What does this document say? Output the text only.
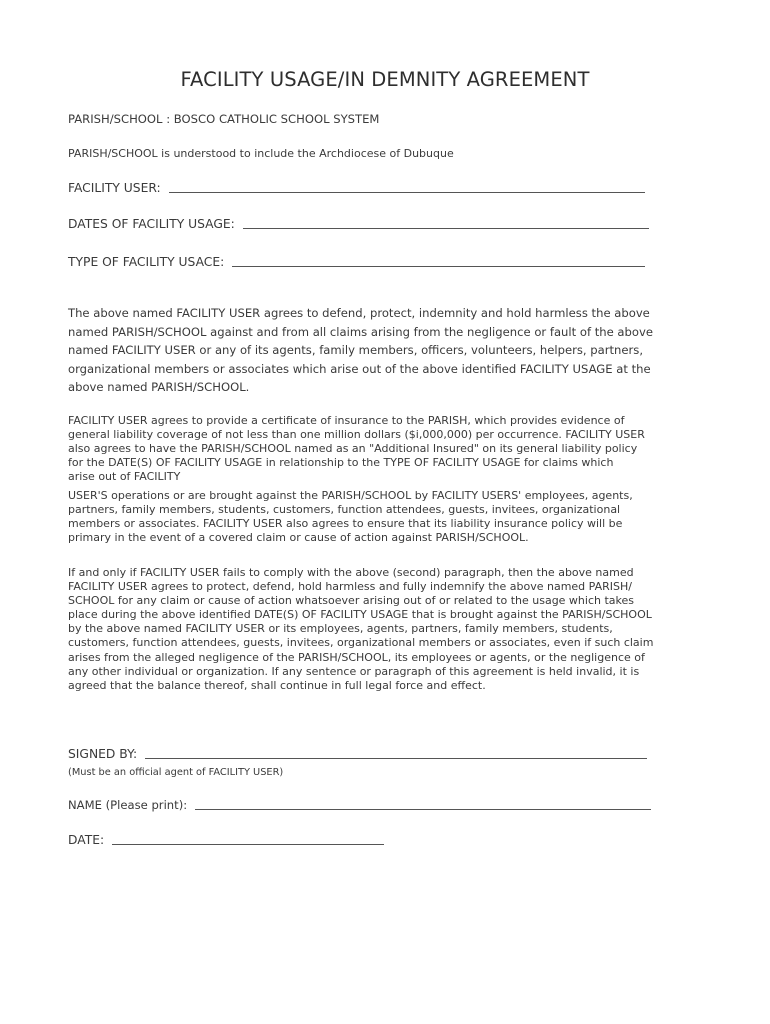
FACILITY USAGE/IN DEMNITY AGREEMENT
PARISH/SCHOOL : BOSCO CATHOLIC SCHOOL SYSTEM
PARISH/SCHOOL is understood to include the Archdiocese of Dubuque
FACILITY USER:
DATES OF FACILITY USAGE:
TYPE OF FACILITY USACE:

The above named FACILITY USER agrees to defend, protect, indemnity and hold harmless the above

named PARISH/SCHOOL against and from all claims arising from the negligence or fault of the above

named FACILITY USER or any of its agents, family members, officers, volunteers, helpers, partners,

organizational members or associates which arise out of the above identified FACILITY USAGE at the

above named PARISH/SCHOOL.

FACILITY USER agrees to provide a certificate of insurance to the PARISH, which provides evidence of

general liability coverage of not less than one million dollars ($i,000,000) per occurrence. FACILITY USER

also agrees to have the PARISH/SCHOOL named as an "Additional Insured" on its general liability policy

for the DATE(S) OF FACILITY USAGE in relationship to the TYPE OF FACILITY USAGE for claims which

arise out of FACILITY

USER'S operations or are brought against the PARISH/SCHOOL by FACILITY USERS' employees, agents,

partners, family members, students, customers, function attendees, guests, invitees, organizational

members or associates. FACILITY USER also agrees to ensure that its liability insurance policy will be

primary in the event of a covered claim or cause of action against PARISH/SCHOOL.

If and only if FACILITY USER fails to comply with the above (second) paragraph, then the above named

FACILITY USER agrees to protect, defend, hold harmless and fully indemnify the above named PARISH/

SCHOOL for any claim or cause of action whatsoever arising out of or related to the usage which takes

place during the above identified DATE(S) OF FACILITY USAGE that is brought against the PARISH/SCHOOL

by the above named FACILITY USER or its employees, agents, partners, family members, students,

customers, function attendees, guests, invitees, organizational members or associates, even if such claim

arises from the alleged negligence of the PARISH/SCHOOL, its employees or agents, or the negligence of

any other individual or organization. If any sentence or paragraph of this agreement is held invalid, it is

agreed that the balance thereof, shall continue in full legal force and effect.

SIGNED BY:
(Must be an official agent of FACILITY USER)
NAME (Please print):
DATE:
